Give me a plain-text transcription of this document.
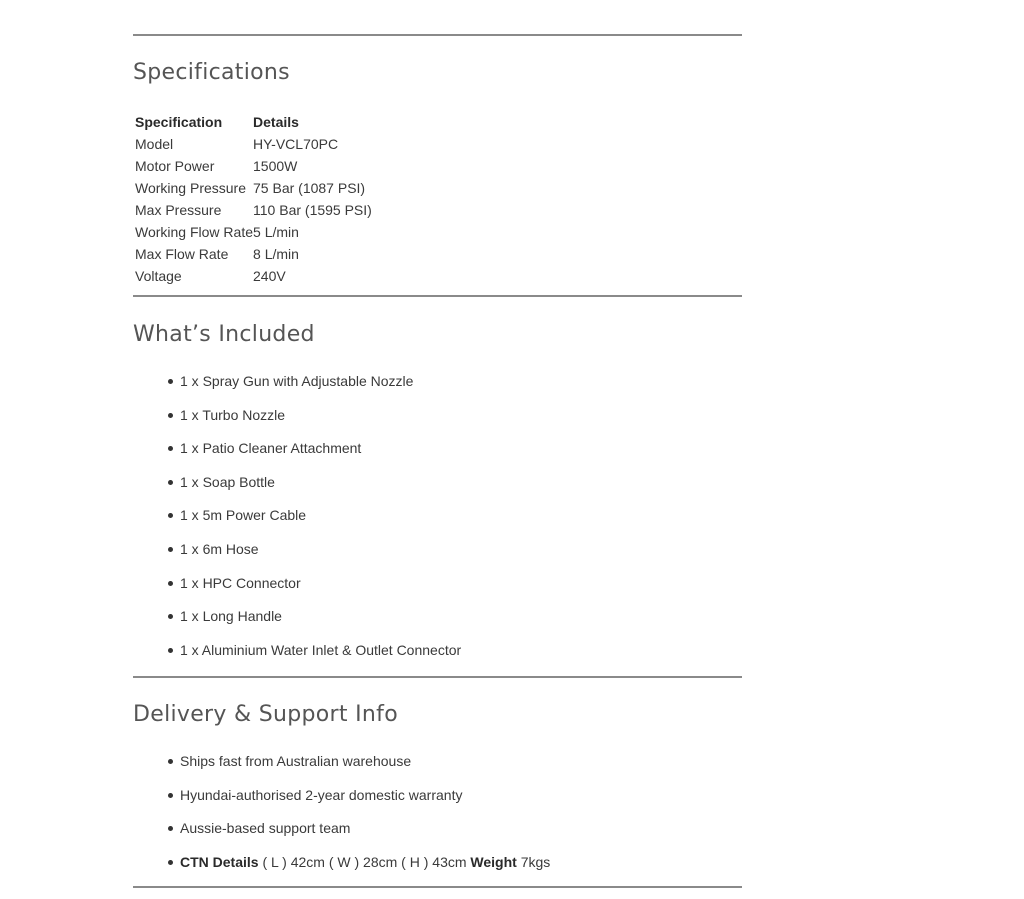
Specifications
Specification	Details
Model	HY-VCL70PC
Motor Power	1500W
Working Pressure	75 Bar (1087 PSI)
Max Pressure	110 Bar (1595 PSI)
Working Flow Rate	5 L/min
Max Flow Rate	8 L/min
Voltage	240V
What’s Included
1 x Spray Gun with Adjustable Nozzle
1 x Turbo Nozzle
1 x Patio Cleaner Attachment
1 x Soap Bottle
1 x 5m Power Cable
1 x 6m Hose
1 x HPC Connector
1 x Long Handle
1 x Aluminium Water Inlet & Outlet Connector
Delivery & Support Info
Ships fast from Australian warehouse
Hyundai-authorised 2-year domestic warranty
Aussie-based support team
CTN Details ( L ) 42cm ( W ) 28cm ( H ) 43cm Weight 7kgs
